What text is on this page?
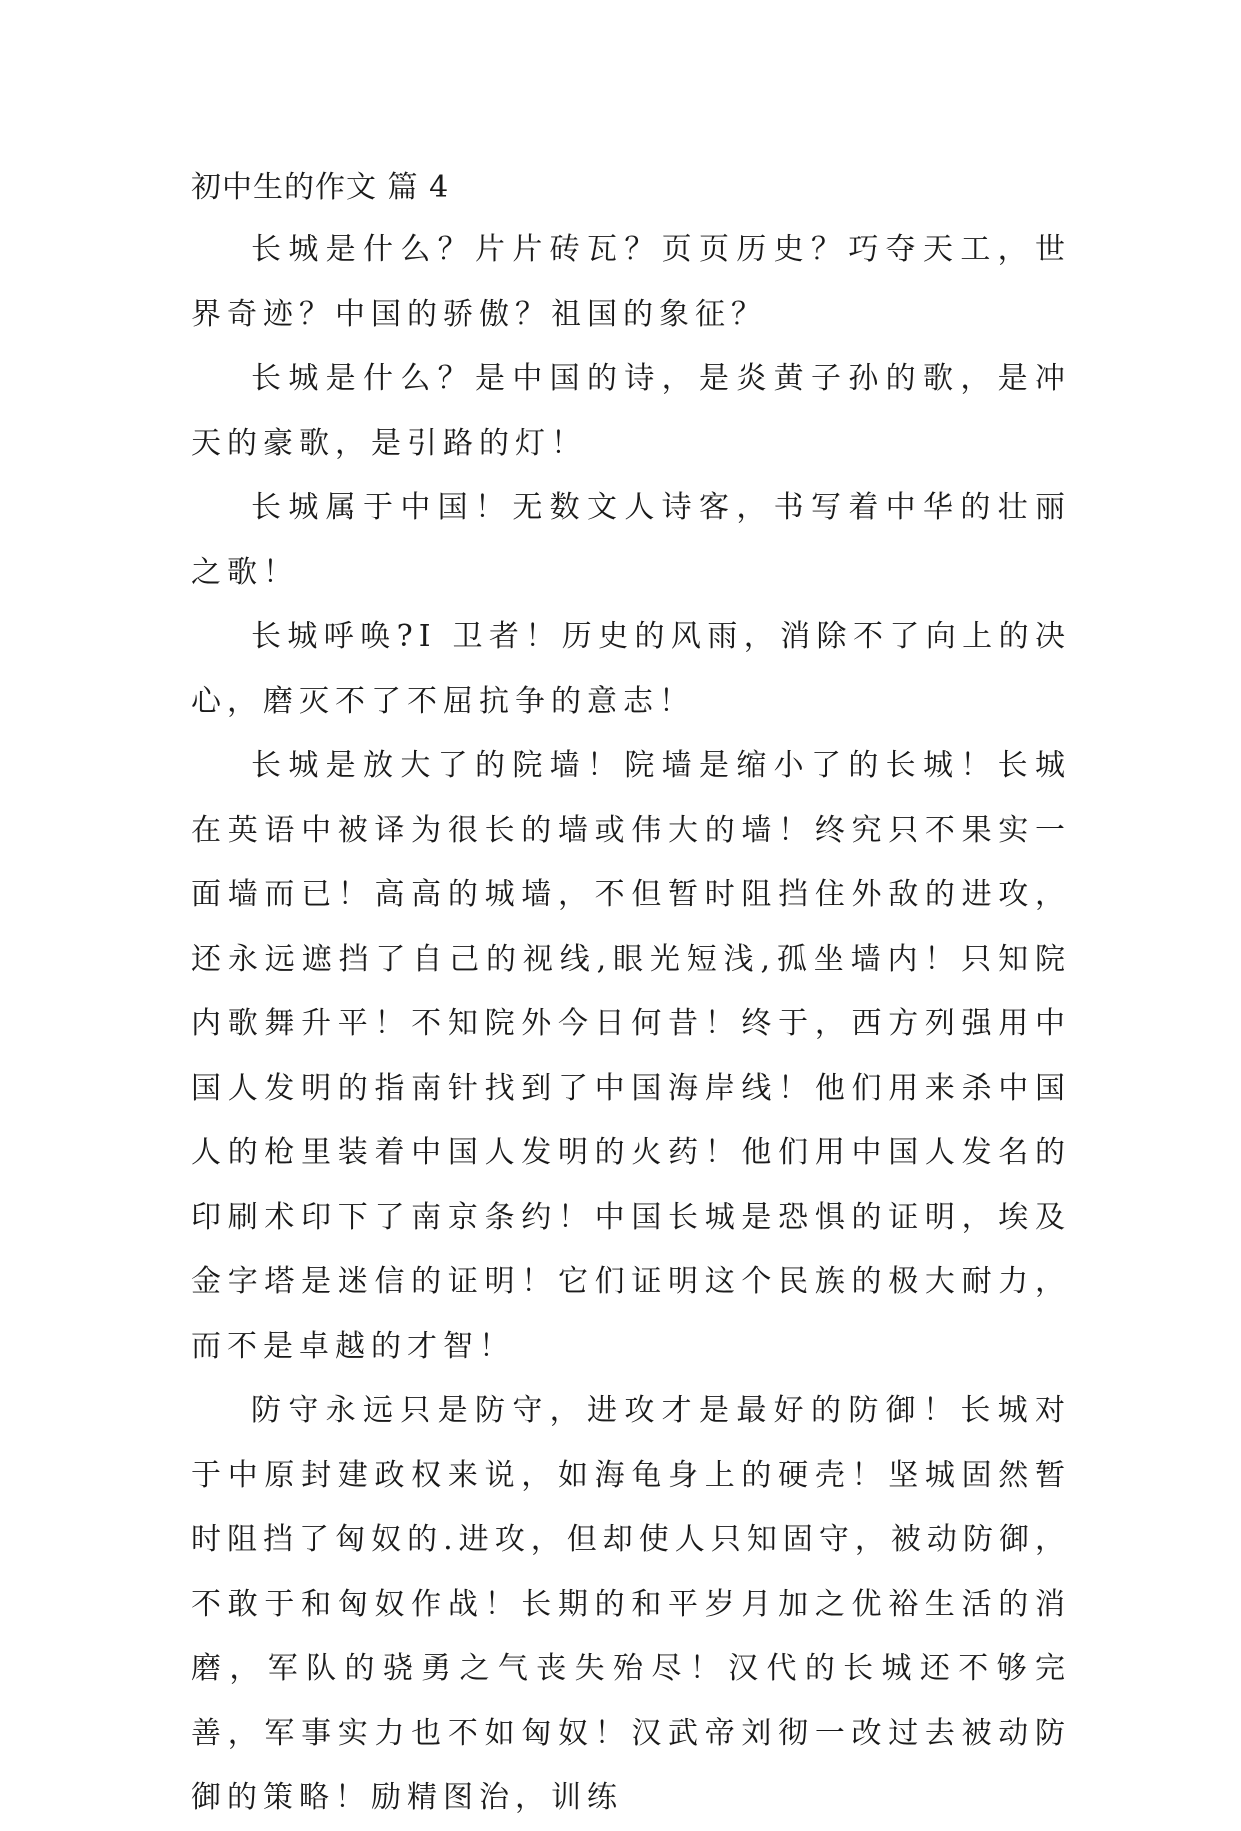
初中生的作文 篇 4

长城是什么？片片砖瓦？页页历史？巧夺天工，世界奇迹？中国的骄傲？祖国的象征？

长城是什么？是中国的诗，是炎黄子孙的歌，是冲天的豪歌，是引路的灯！

长城属于中国！无数文人诗客，书写着中华的壮丽之歌！

长城呼唤?I 卫者！历史的风雨，消除不了向上的决心，磨灭不了不屈抗争的意志！

长城是放大了的院墙！院墙是缩小了的长城！长城在英语中被译为很长的墙或伟大的墙！终究只不果实一面墙而已！高高的城墙，不但暂时阻挡住外敌的进攻，还永远遮挡了自己的视线,眼光短浅,孤坐墙内！只知院内歌舞升平！不知院外今日何昔！终于，西方列强用中国人发明的指南针找到了中国海岸线！他们用来杀中国人的枪里装着中国人发明的火药！他们用中国人发名的印刷术印下了南京条约！中国长城是恐惧的证明，埃及金字塔是迷信的证明！它们证明这个民族的极大耐力，而不是卓越的才智！

防守永远只是防守，进攻才是最好的防御！长城对于中原封建政权来说，如海龟身上的硬壳！坚城固然暂时阻挡了匈奴的.进攻，但却使人只知固守，被动防御，不敢于和匈奴作战！长期的和平岁月加之优裕生活的消磨，军队的骁勇之气丧失殆尽！汉代的长城还不够完善，军事实力也不如匈奴！汉武帝刘彻一改过去被动防御的策略！励精图治，训练
